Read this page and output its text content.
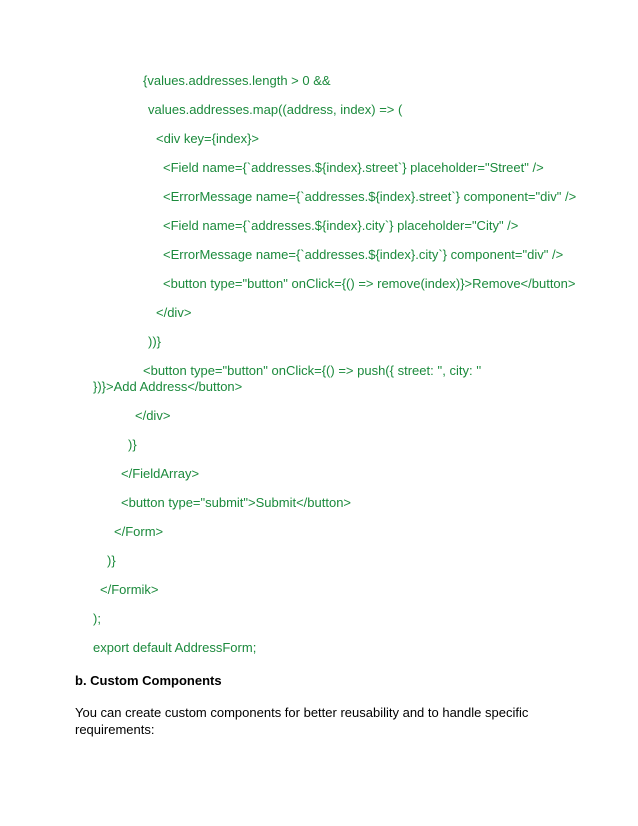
{values.addresses.length > 0 &&

values.addresses.map((address, index) => (

<div key={index}>

<Field name={`addresses.${index}.street`} placeholder="Street" />

<ErrorMessage name={`addresses.${index}.street`} component="div" />

<Field name={`addresses.${index}.city`} placeholder="City" />

<ErrorMessage name={`addresses.${index}.city`} component="div" />

<button type="button" onClick={() => remove(index)}>Remove</button>

</div>

))}

<button type="button" onClick={() => push({ street: '', city: '' })}>Add Address</button>

</div>

)}

</FieldArray>

<button type="submit">Submit</button>

</Form>

)}

</Formik>

);

export default AddressForm;

b. Custom Components

You can create custom components for better reusability and to handle specific requirements:
